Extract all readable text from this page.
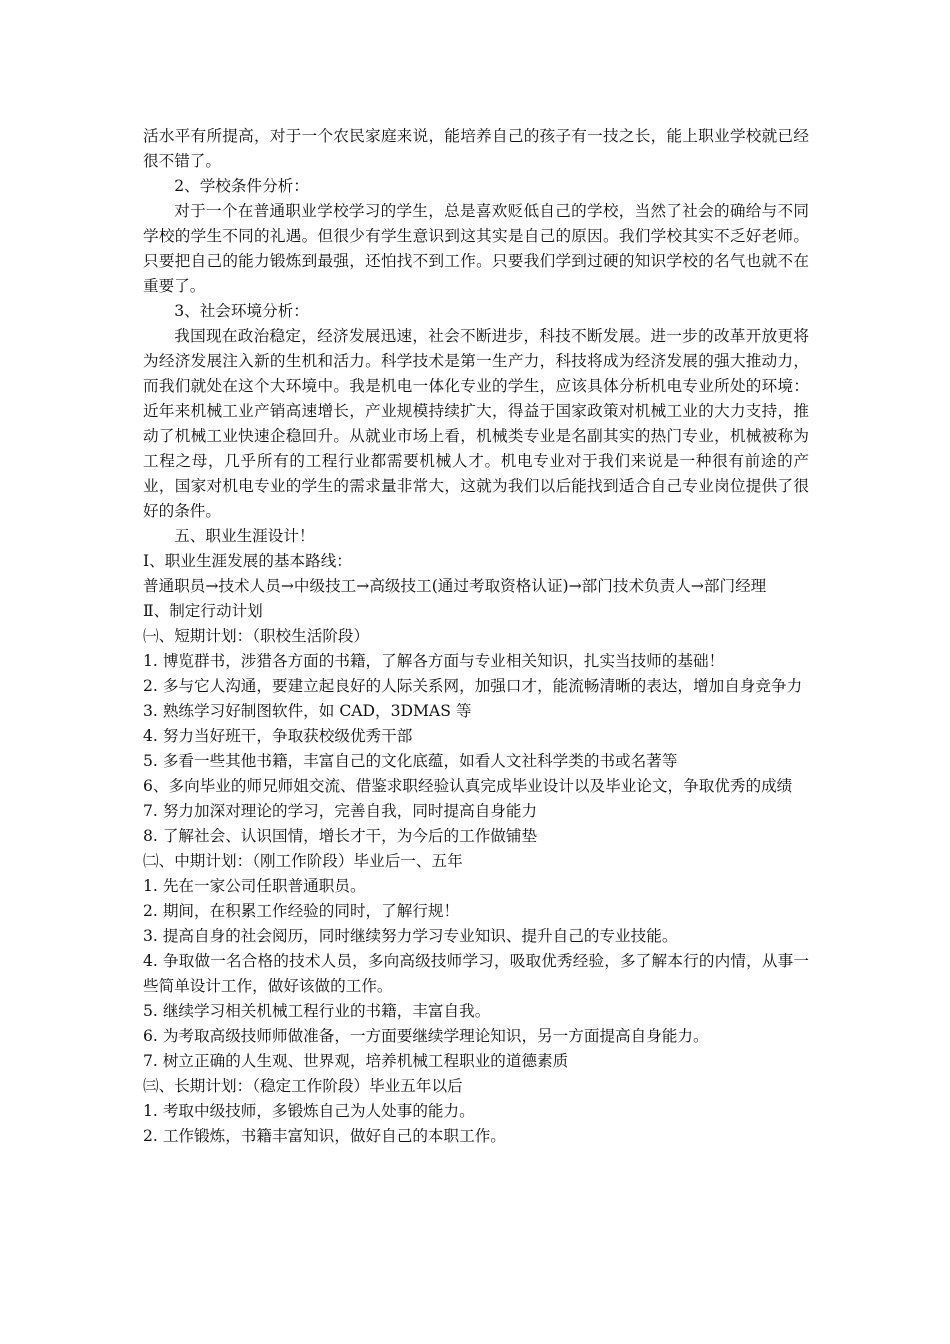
活水平有所提高，对于一个农民家庭来说，能培养自己的孩子有一技之长，能上职业学校就已经很不错了。

2、学校条件分析：

对于一个在普通职业学校学习的学生，总是喜欢贬低自己的学校，当然了社会的确给与不同学校的学生不同的礼遇。但很少有学生意识到这其实是自己的原因。我们学校其实不乏好老师。只要把自己的能力锻炼到最强，还怕找不到工作。只要我们学到过硬的知识学校的名气也就不在重要了。

3、社会环境分析：

我国现在政治稳定，经济发展迅速，社会不断进步，科技不断发展。进一步的改革开放更将为经济发展注入新的生机和活力。科学技术是第一生产力，科技将成为经济发展的强大推动力，而我们就处在这个大环境中。我是机电一体化专业的学生，应该具体分析机电专业所处的环境：近年来机械工业产销高速增长，产业规模持续扩大，得益于国家政策对机械工业的大力支持，推动了机械工业快速企稳回升。从就业市场上看，机械类专业是名副其实的热门专业，机械被称为工程之母，几乎所有的工程行业都需要机械人才。机电专业对于我们来说是一种很有前途的产业，国家对机电专业的学生的需求量非常大，这就为我们以后能找到适合自己专业岗位提供了很好的条件。

五、职业生涯设计！

Ⅰ、职业生涯发展的基本路线：

普通职员→技术人员→中级技工→高级技工(通过考取资格认证)→部门技术负责人→部门经理

Ⅱ、制定行动计划

㈠、短期计划：（职校生活阶段）

1. 博览群书，涉猎各方面的书籍，了解各方面与专业相关知识，扎实当技师的基础！

2. 多与它人沟通，要建立起良好的人际关系网，加强口才，能流畅清晰的表达，增加自身竞争力

3. 熟练学习好制图软件，如 CAD，3DMAS 等

4. 努力当好班干，争取获校级优秀干部

5. 多看一些其他书籍，丰富自己的文化底蕴，如看人文社科学类的书或名著等

6、多向毕业的师兄师姐交流、借鉴求职经验认真完成毕业设计以及毕业论文，争取优秀的成绩

7. 努力加深对理论的学习，完善自我，同时提高自身能力

8. 了解社会、认识国情，增长才干，为今后的工作做铺垫

㈡、中期计划：（刚工作阶段）毕业后一、五年

1. 先在一家公司任职普通职员。

2. 期间，在积累工作经验的同时，了解行规！

3. 提高自身的社会阅历，同时继续努力学习专业知识、提升自己的专业技能。

4. 争取做一名合格的技术人员，多向高级技师学习，吸取优秀经验，多了解本行的内情，从事一些简单设计工作，做好该做的工作。

5. 继续学习相关机械工程行业的书籍，丰富自我。

6. 为考取高级技师师做准备，一方面要继续学理论知识，另一方面提高自身能力。

7. 树立正确的人生观、世界观，培养机械工程职业的道德素质

㈢、长期计划：（稳定工作阶段）毕业五年以后

1. 考取中级技师，多锻炼自己为人处事的能力。

2. 工作锻炼，书籍丰富知识，做好自己的本职工作。
